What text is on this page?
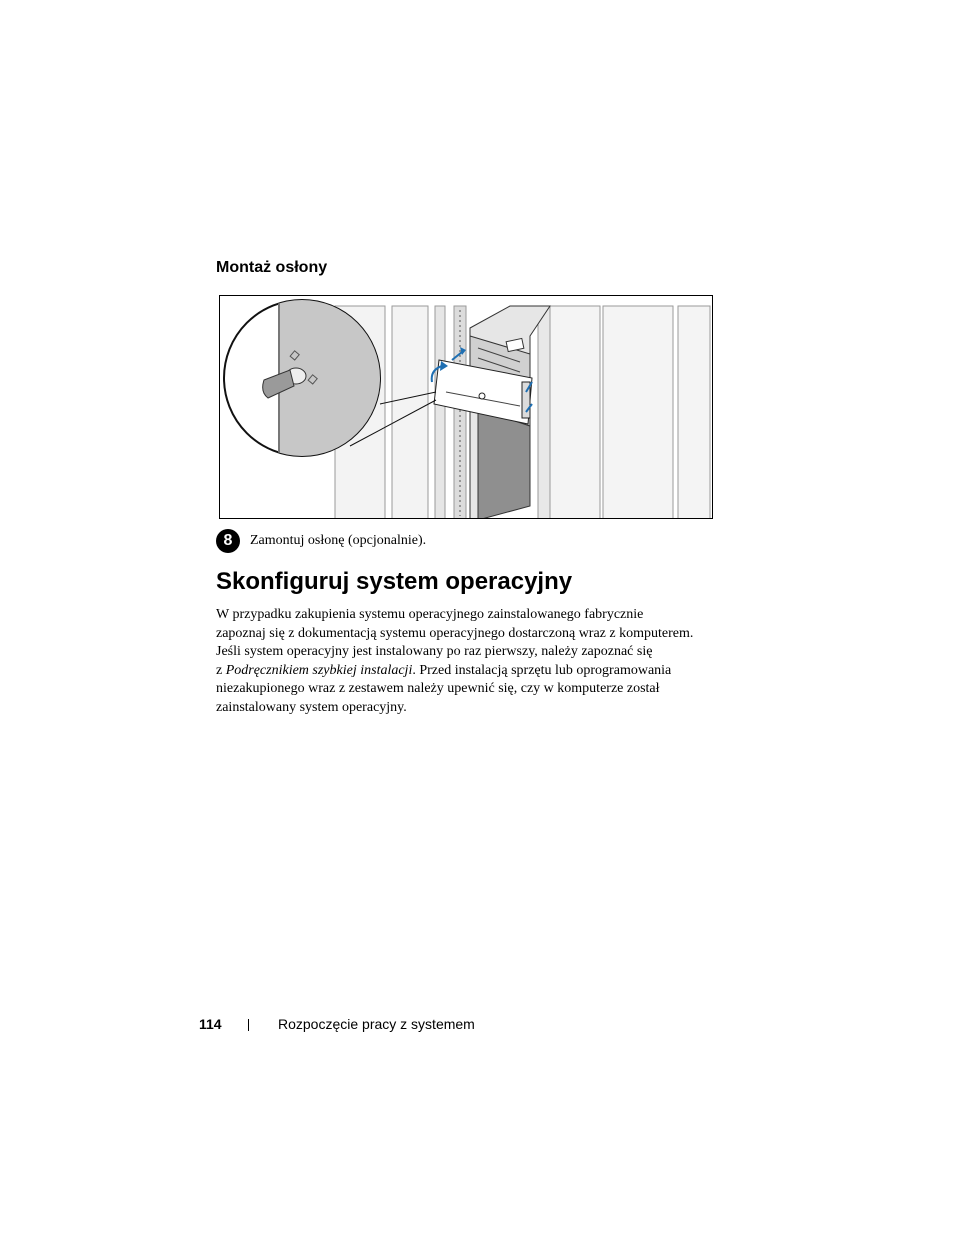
Montaż osłony
8	Zamontuj osłonę (opcjonalnie).
Skonfiguruj system operacyjny
W przypadku zakupienia systemu operacyjnego zainstalowanego fabrycznie
zapoznaj się z dokumentacją systemu operacyjnego dostarczoną wraz z komputerem.
Jeśli system operacyjny jest instalowany po raz pierwszy, należy zapoznać się
z Podręcznikiem szybkiej instalacji. Przed instalacją sprzętu lub oprogramowania
niezakupionego wraz z zestawem należy upewnić się, czy w komputerze został
zainstalowany system operacyjny.
114	Rozpoczęcie pracy z systemem
